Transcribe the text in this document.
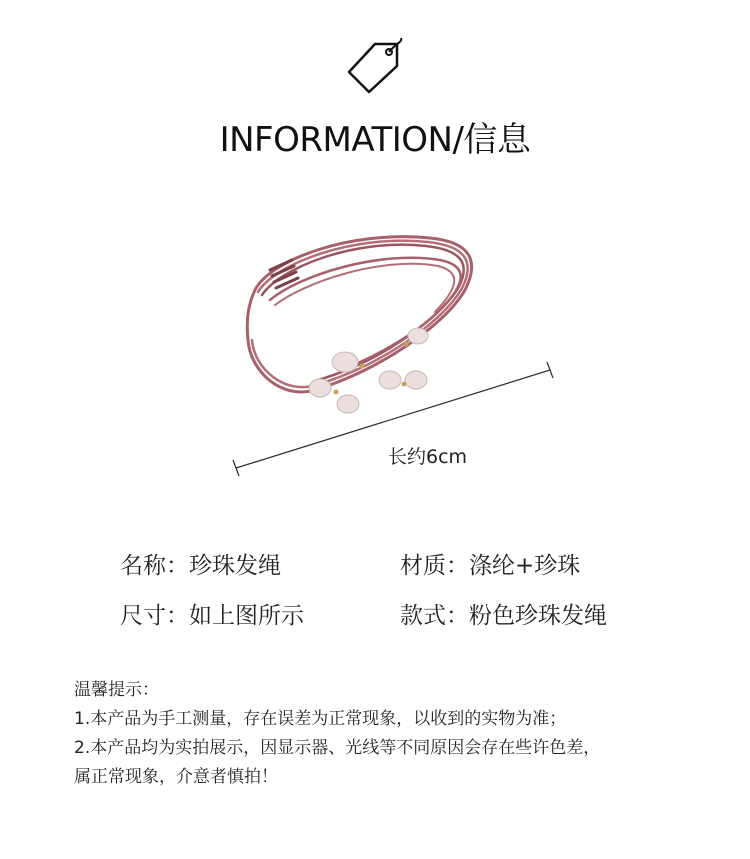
INFORMATION/信息
长约6cm
名称：珍珠发绳	材质：涤纶+珍珠
尺寸：如上图所示	款式：粉色珍珠发绳
温馨提示：
1.本产品为手工测量，存在误差为正常现象，以收到的实物为准；
2.本产品均为实拍展示，因显示器、光线等不同原因会存在些许色差，
属正常现象，介意者慎拍！
